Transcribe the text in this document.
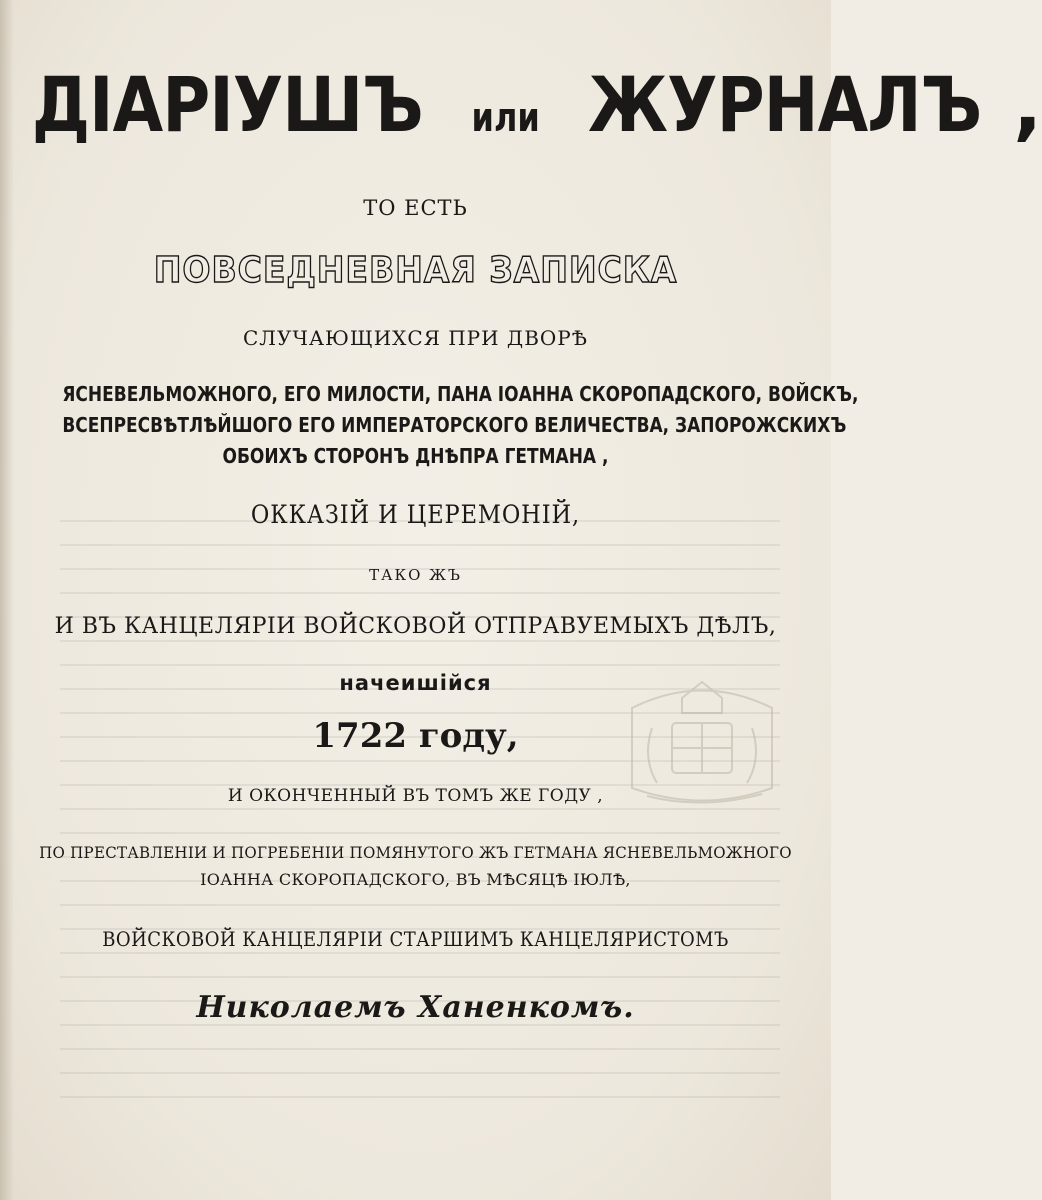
ДІАРІУШЪ или ЖУРНАЛЪ ,
ТО ЕСТЬ
ПОВСЕДНЕВНАЯ ЗАПИСКА
СЛУЧАЮЩИХСЯ ПРИ ДВОРѢ
ЯСНЕВЕЛЬМОЖНОГО, ЕГО МИЛОСТИ, ПАНА ІОАННА СКОРОПАДСКОГО, ВОЙСКЪ,
ВСЕПРЕСВѢТЛѢЙШОГО ЕГО ИМПЕРАТОРСКОГО ВЕЛИЧЕСТВА, ЗАПОРОЖСКИХЪ
ОБОИХЪ СТОРОНЪ ДНѢПРА ГЕТМАНА ,
ОККАЗІЙ И ЦЕРЕМОНІЙ,
ТАКО ЖЪ
И ВЪ КАНЦЕЛЯРІИ ВОЙСКОВОЙ ОТПРАВУЕМЫХЪ ДѢЛЪ,
начеишійся
1722 году,
И ОКОНЧЕННЫЙ ВЪ ТОМЪ ЖЕ ГОДУ ,
ПО ПРЕСТАВЛЕНІИ И ПОГРЕБЕНІИ ПОМЯНУТОГО ЖЪ ГЕТМАНА ЯСНЕВЕЛЬМОЖНОГО
ІОАННА СКОРОПАДСКОГО, ВЪ МѢСЯЦѢ ІЮЛѢ,
ВОЙСКОВОЙ КАНЦЕЛЯРІИ СТАРШИМЪ КАНЦЕЛЯРИСТОМЪ
Николаемъ Ханенкомъ.
